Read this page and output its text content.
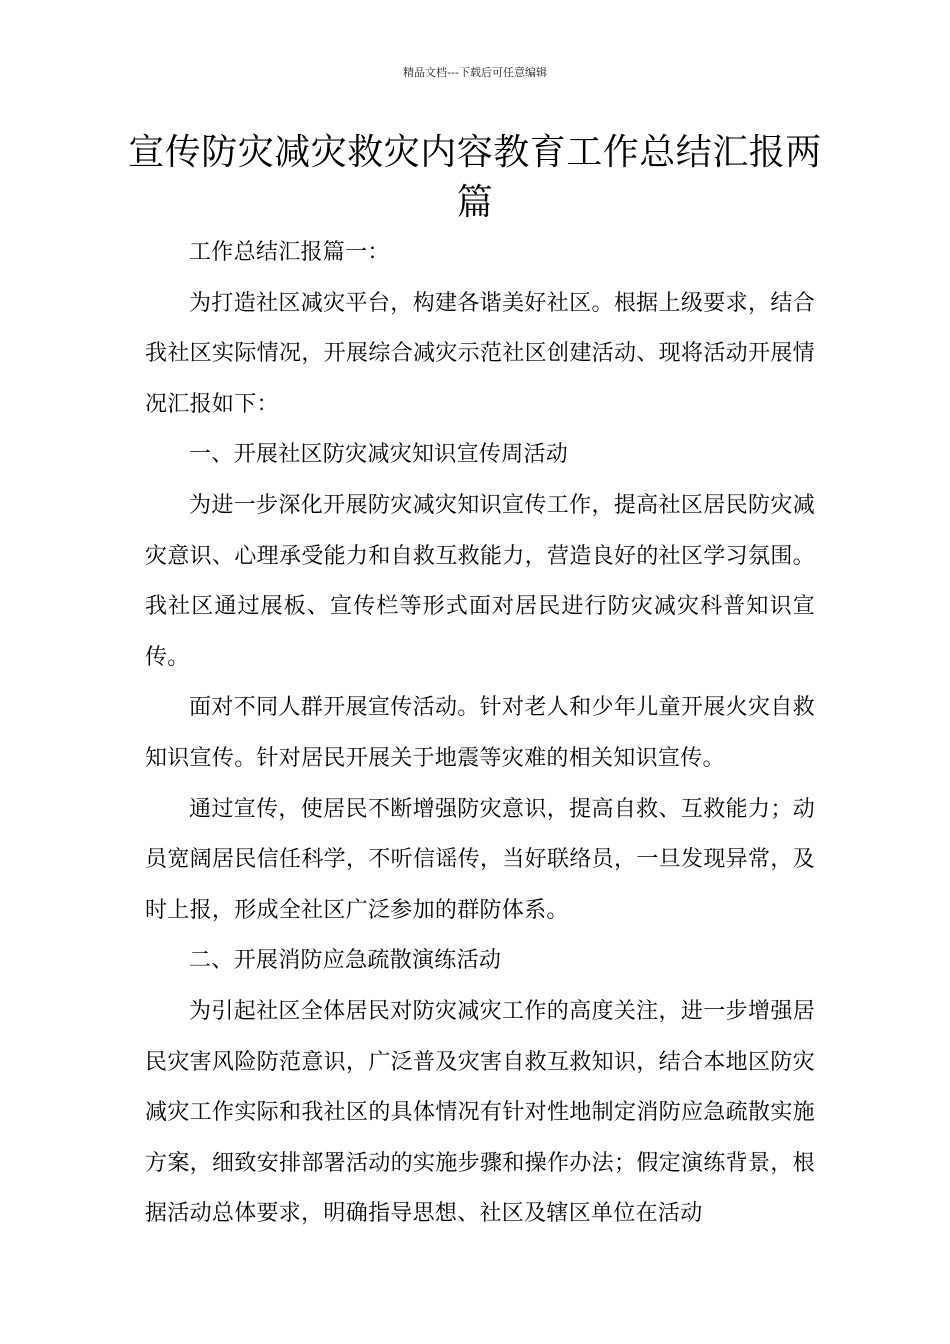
精品文档---下载后可任意编辑
宣传防灾减灾救灾内容教育工作总结汇报两篇

工作总结汇报篇一：

为打造社区减灾平台，构建各谐美好社区。根据上级要求，结合我社区实际情况，开展综合减灾示范社区创建活动、现将活动开展情况汇报如下：

一、开展社区防灾减灾知识宣传周活动

为进一步深化开展防灾减灾知识宣传工作，提高社区居民防灾减灾意识、心理承受能力和自救互救能力，营造良好的社区学习氛围。我社区通过展板、宣传栏等形式面对居民进行防灾减灾科普知识宣传。

面对不同人群开展宣传活动。针对老人和少年儿童开展火灾自救知识宣传。针对居民开展关于地震等灾难的相关知识宣传。

通过宣传，使居民不断增强防灾意识，提高自救、互救能力；动员宽阔居民信任科学，不听信谣传，当好联络员，一旦发现异常，及时上报，形成全社区广泛参加的群防体系。

二、开展消防应急疏散演练活动

为引起社区全体居民对防灾减灾工作的高度关注，进一步增强居民灾害风险防范意识，广泛普及灾害自救互救知识，结合本地区防灾减灾工作实际和我社区的具体情况有针对性地制定消防应急疏散实施方案，细致安排部署活动的实施步骤和操作办法；假定演练背景，根据活动总体要求，明确指导思想、社区及辖区单位在活动
